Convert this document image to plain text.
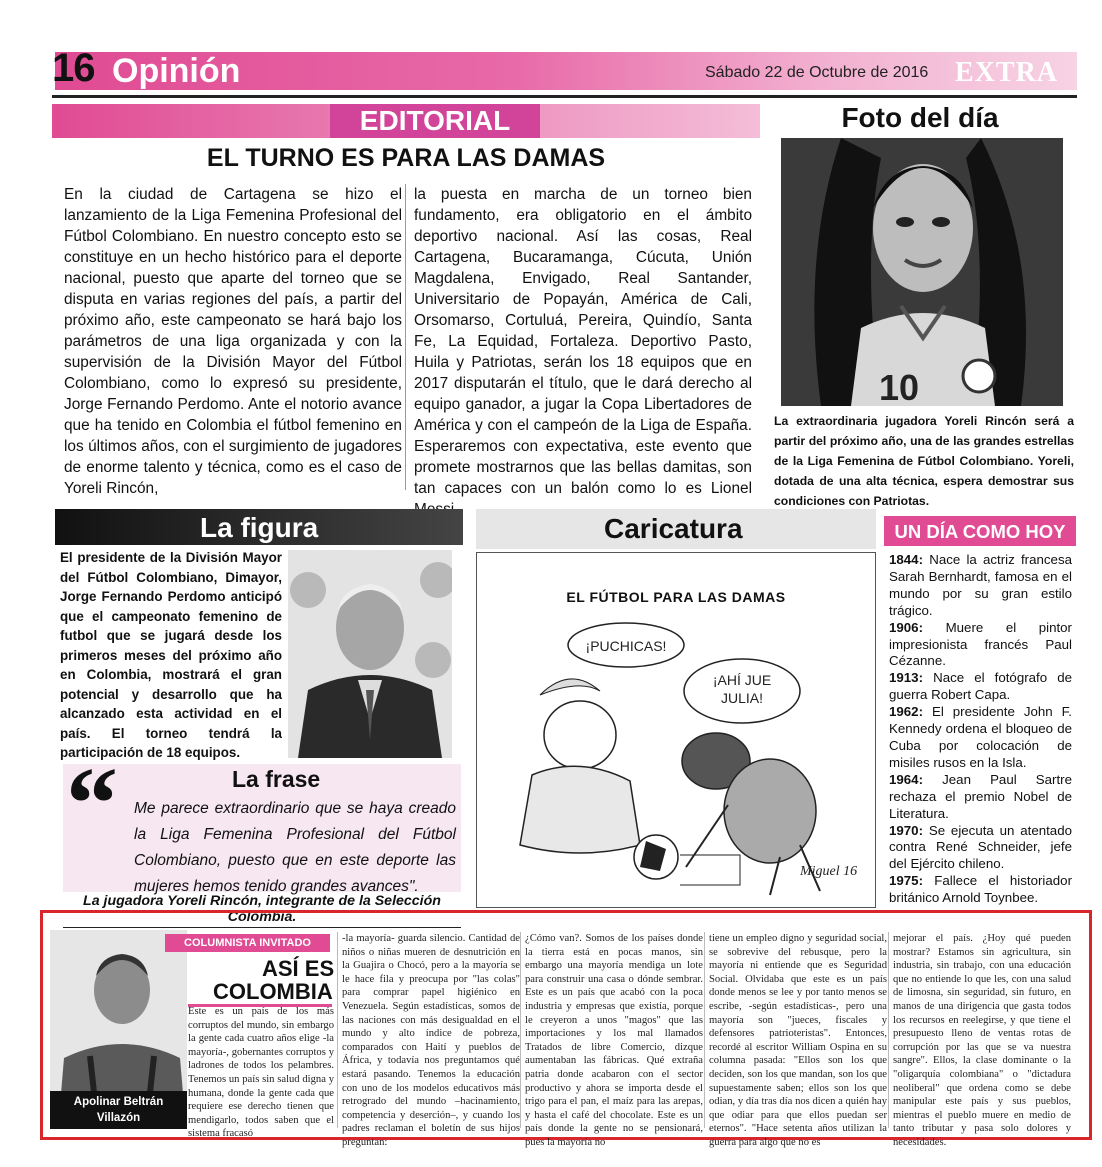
16 Opinión	Sábado 22 de Octubre de 2016 EXTRA
EDITORIAL
EL TURNO ES PARA LAS DAMAS
En la ciudad de Cartagena se hizo el lanzamiento de la Liga Femenina Profesional del Fútbol Colombiano. En nuestro concepto esto se constituye en un hecho histórico para el deporte nacional, puesto que aparte del torneo que se disputa en varias regiones del país, a partir del próximo año, este campeonato se hará bajo los parámetros de una liga organizada y con la supervisión de la División Mayor del Fútbol Colombiano, como lo expresó su presidente, Jorge Fernando Perdomo. Ante el notorio avance que ha tenido en Colombia el fútbol femenino en los últimos años, con el surgimiento de jugadores de enorme talento y técnica, como es el caso de Yoreli Rincón,
la puesta en marcha de un torneo bien fundamento, era obligatorio en el ámbito deportivo nacional. Así las cosas, Real Cartagena, Bucaramanga, Cúcuta, Unión Magdalena, Envigado, Real Santander, Universitario de Popayán, América de Cali, Orsomarso, Cortuluá, Pereira, Quindío, Santa Fe, La Equidad, Fortaleza. Deportivo Pasto, Huila y Patriotas, serán los 18 equipos que en 2017 disputarán el título, que le dará derecho al equipo ganador, a jugar la Copa Libertadores de América y con el campeón de la Liga de España. Esperaremos con expectativa, este evento que promete mostrarnos que las bellas damitas, son tan capaces con un balón como lo es Lionel
Foto del día
10
La extraordinaria jugadora Yoreli Rincón será a partir del próximo año, una de las grandes estrellas de la Liga Femenina de Fútbol Colombiano. Yoreli, dotada de una alta técnica, espera demostrar sus condiciones con Patriotas.
La figura
El presidente de la División Mayor del Fútbol Colombiano, Dimayor, Jorge Fernando Perdomo anticipó que el campeonato femenino de futbol que se jugará desde los primeros meses del próximo año en Colombia, mostrará el gran potencial y desarrollo que ha alcanzado esta actividad en el país. El torneo tendrá la participación de 18 equipos.
“	La frase
Me parece extraordinario que se haya creado la Liga Femenina Profesional del Fútbol Colombiano, puesto que en este deporte las mujeres hemos tenido grandes avances".
La jugadora Yoreli Rincón, integrante de la Selección Colombia.
Caricatura
EL FÚTBOL PARA LAS DAMAS
¡PUCHICAS!
¡AHÍ JUE
JULIA!
Miguel 16
UN DÍA COMO HOY

1844: Nace la actriz francesa Sarah Bernhardt, famosa en el mundo por su gran estilo trágico.

1906: Muere el pintor impresionista francés Paul Cézanne.

1913: Nace el fotógrafo de guerra Robert Capa.

1962: El presidente John F. Kennedy ordena el bloqueo de Cuba por colocación de misiles rusos en la Isla.

1964: Jean Paul Sartre rechaza el premio Nobel de Literatura.

1970: Se ejecuta un atentado contra René Schneider, jefe del Ejército chileno.

1975: Fallece el historiador británico Arnold Toynbee.

Apolinar Beltrán
Villazón
COLUMNISTA INVITADO
ASÍ ES
COLOMBIA
Este es un país de los más corruptos del mundo, sin embargo la gente cada cuatro años elige -la mayoría-, gobernantes corruptos y ladrones de todos los pelambres. Tenemos un país sin salud digna y humana, donde la gente cada que requiere ese derecho tienen que mendigarlo, todos saben que el sistema fracasó
-la mayoría- guarda silencio. Cantidad de niños o niñas mueren de desnutrición en la Guajira o Chocó, pero a la mayoría se le hace fila y preocupa por "las colas" para comprar papel higiénico en Venezuela. Según estadísticas, somos de las naciones con más desigualdad en el mundo y alto índice de pobreza, comparados con Haití y pueblos de África, y todavía nos preguntamos qué estará pasando. Tenemos la educación con uno de los modelos educativos más retrogrado del mundo –hacinamiento, competencia y deserción–, y cuando los padres reclaman el boletín de sus hijos preguntan:
¿Cómo van?. Somos de los países donde la tierra está en pocas manos, sin embargo una mayoría mendiga un lote para construir una casa o dónde sembrar. Este es un país que acabó con la poca industria y empresas que existía, porque le creyeron a unos "magos" que las importaciones y los mal llamados Tratados de libre Comercio, dizque aumentaban las fábricas. Qué extraña patria donde acabaron con el sector productivo y ahora se importa desde el trigo para el pan, el maíz para las arepas, y hasta el café del chocolate. Este es un país donde la gente no se pensionará, pues la mayoría no
tiene un empleo digno y seguridad social, se sobrevive del rebusque, pero la mayoría ni entiende que es Seguridad Social. Olvidaba que este es un país donde menos se lee y por tanto menos se escribe, -según estadísticas-, pero una mayoría son "jueces, fiscales y defensores patrioteristas". Entonces, recordé al escritor William Ospina en su columna pasada: "Ellos son los que deciden, son los que mandan, son los que supuestamente saben; ellos son los que odian, y día tras día nos dicen a quién hay que odiar para que ellos puedan ser eternos". "Hace setenta años utilizan la guerra para algo que no es
mejorar el país. ¿Hoy qué pueden mostrar? Estamos sin agricultura, sin industria, sin trabajo, con una educación que no entiende lo que les, con una salud de limosna, sin seguridad, sin futuro, en manos de una dirigencia que gasta todos los recursos en reelegirse, y que tiene el presupuesto lleno de ventas rotas de corrupción por las que se va nuestra sangre". Ellos, la clase dominante o la "oligarquía colombiana" o "dictadura neoliberal" que ordena como se debe manipular este país y sus pueblos, mientras el pueblo muere en medio de tanto tributar y pasa solo dolores y necesidades.
